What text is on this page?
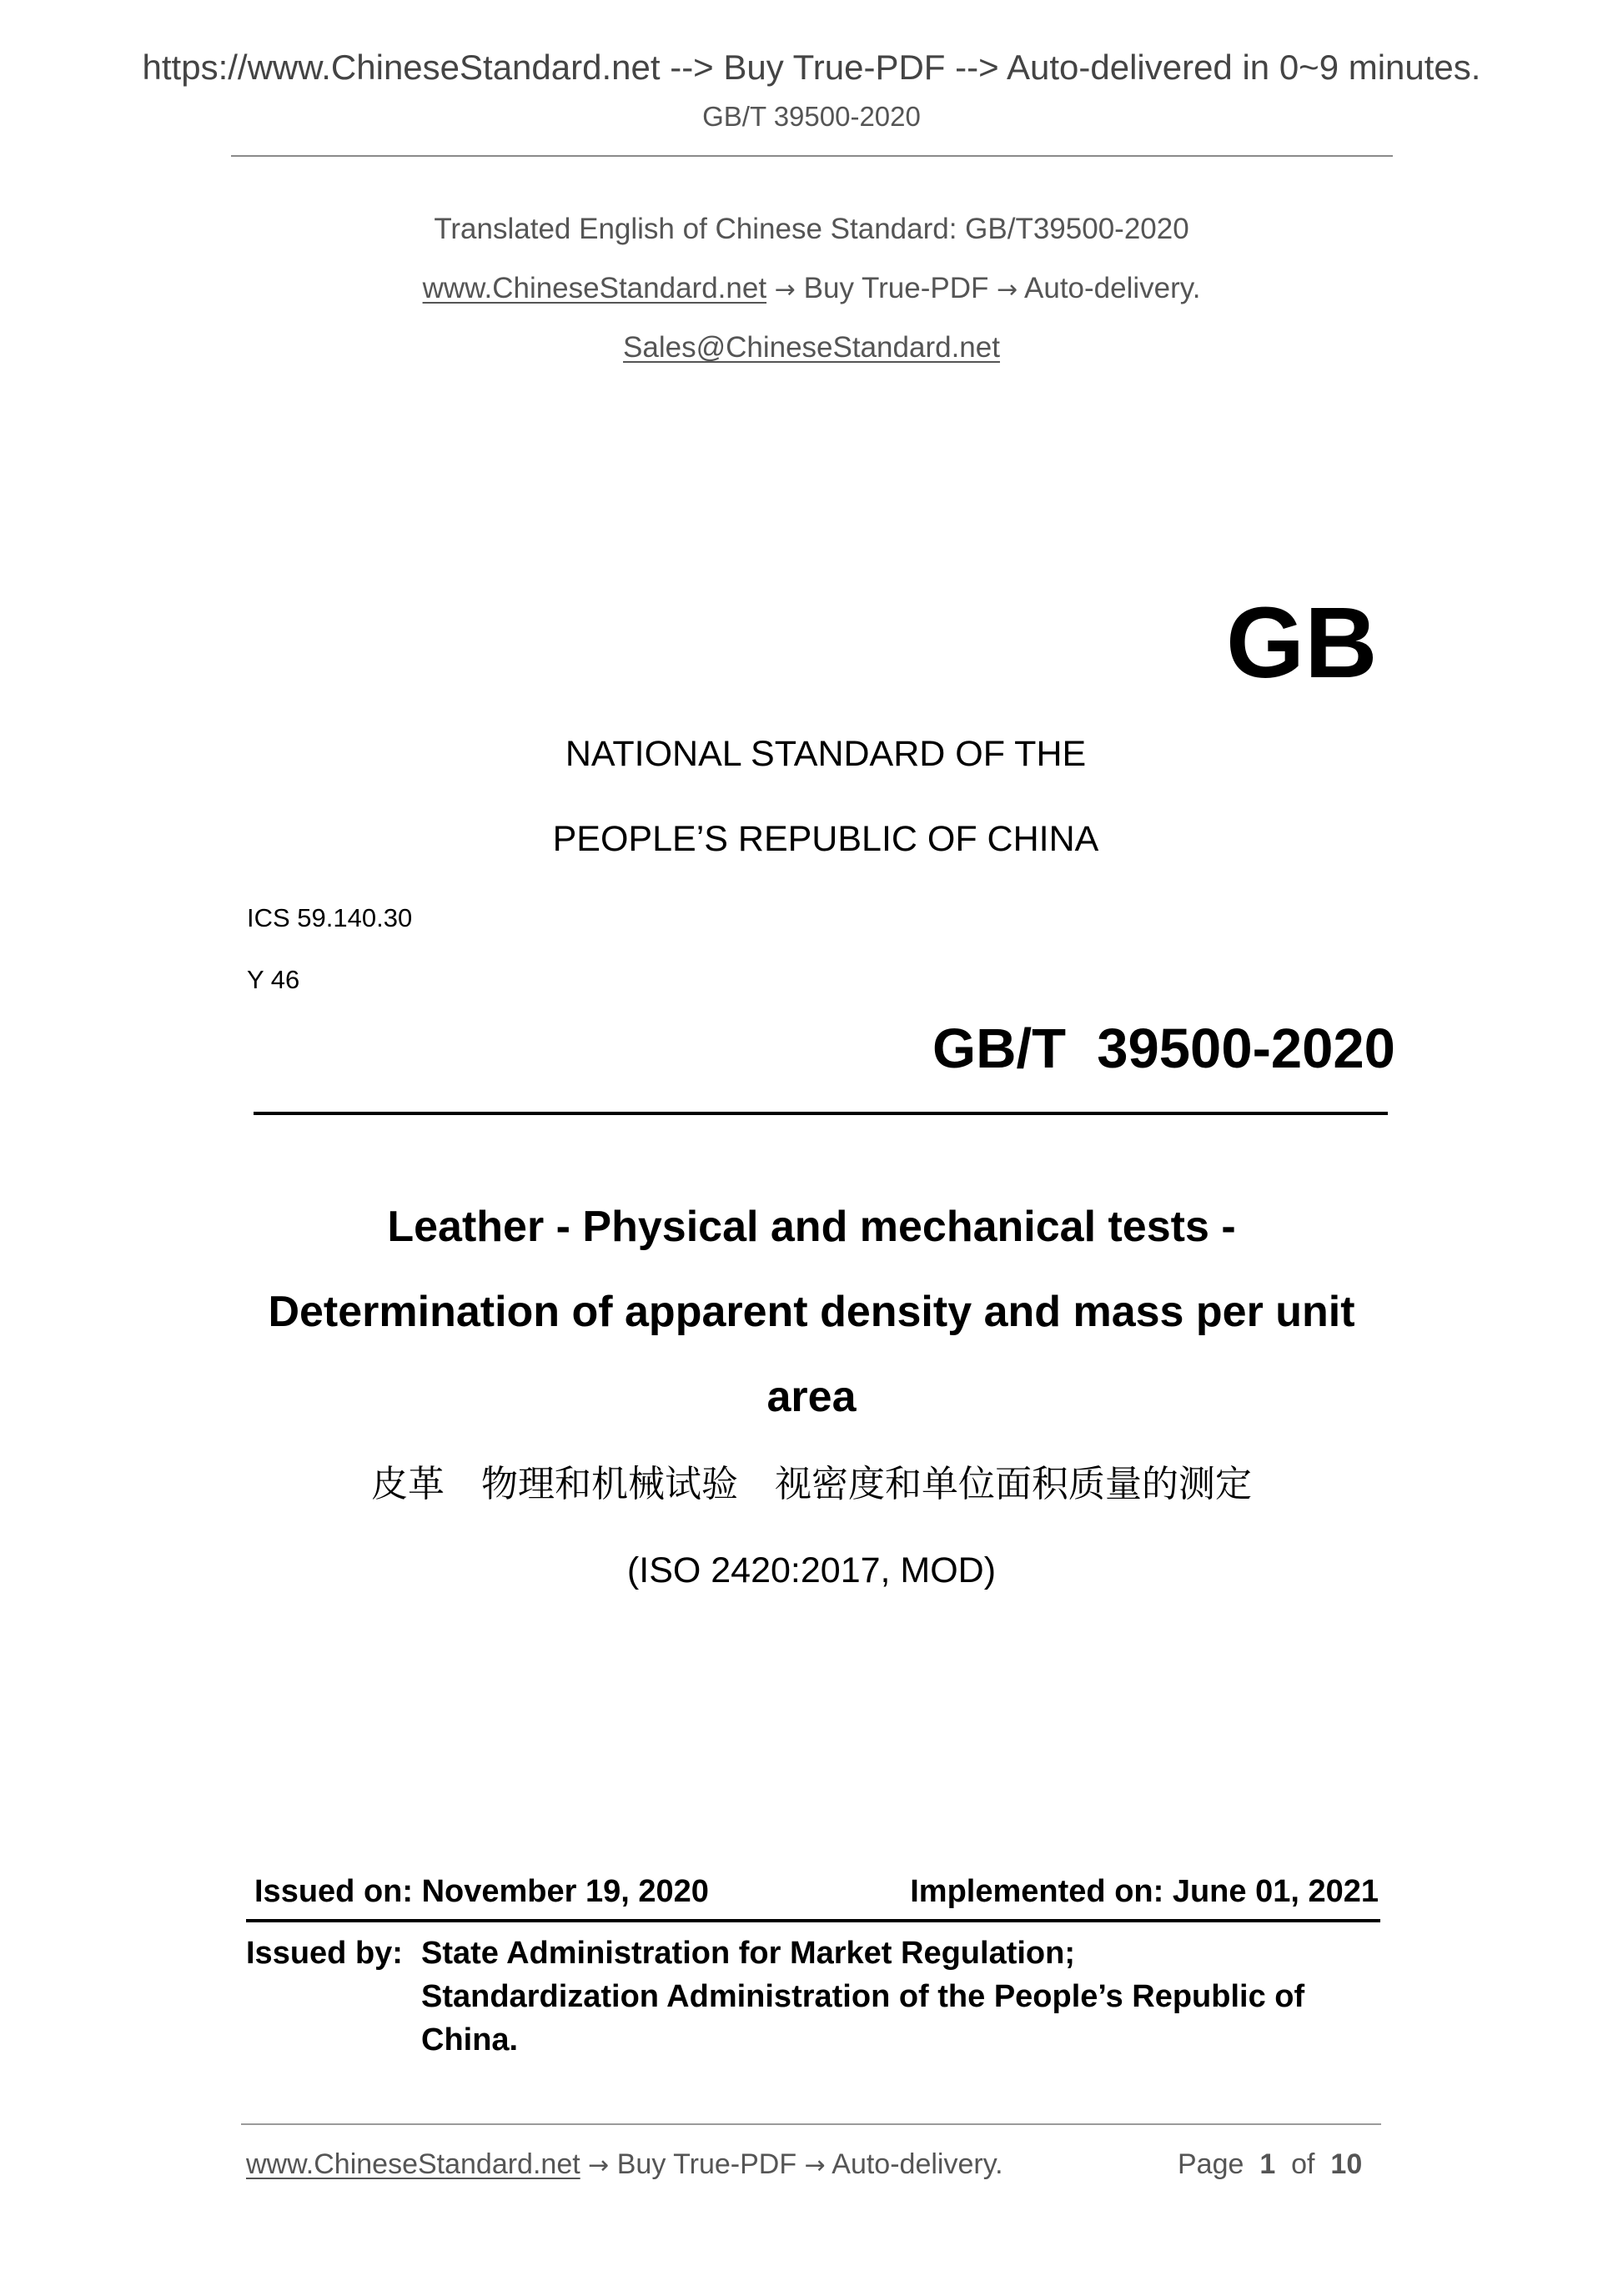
https://www.ChineseStandard.net --> Buy True-PDF --> Auto-delivered in 0~9 minutes.
GB/T 39500-2020
Translated English of Chinese Standard: GB/T39500-2020
www.ChineseStandard.net → Buy True-PDF → Auto-delivery.
Sales@ChineseStandard.net
GB
NATIONAL STANDARD OF THE
PEOPLE’S REPUBLIC OF CHINA
ICS 59.140.30
Y 46
GB/T  39500-2020
Leather - Physical and mechanical tests -
Determination of apparent density and mass per unit
area
皮革　物理和机械试验　视密度和单位面积质量的测定
(ISO 2420:2017, MOD)
Issued on: November 19, 2020	Implemented on: June 01, 2021
Issued by: State Administration for Market Regulation;
Standardization Administration of the People’s Republic of
China.
www.ChineseStandard.net → Buy True-PDF → Auto-delivery.	Page 1 of 10
